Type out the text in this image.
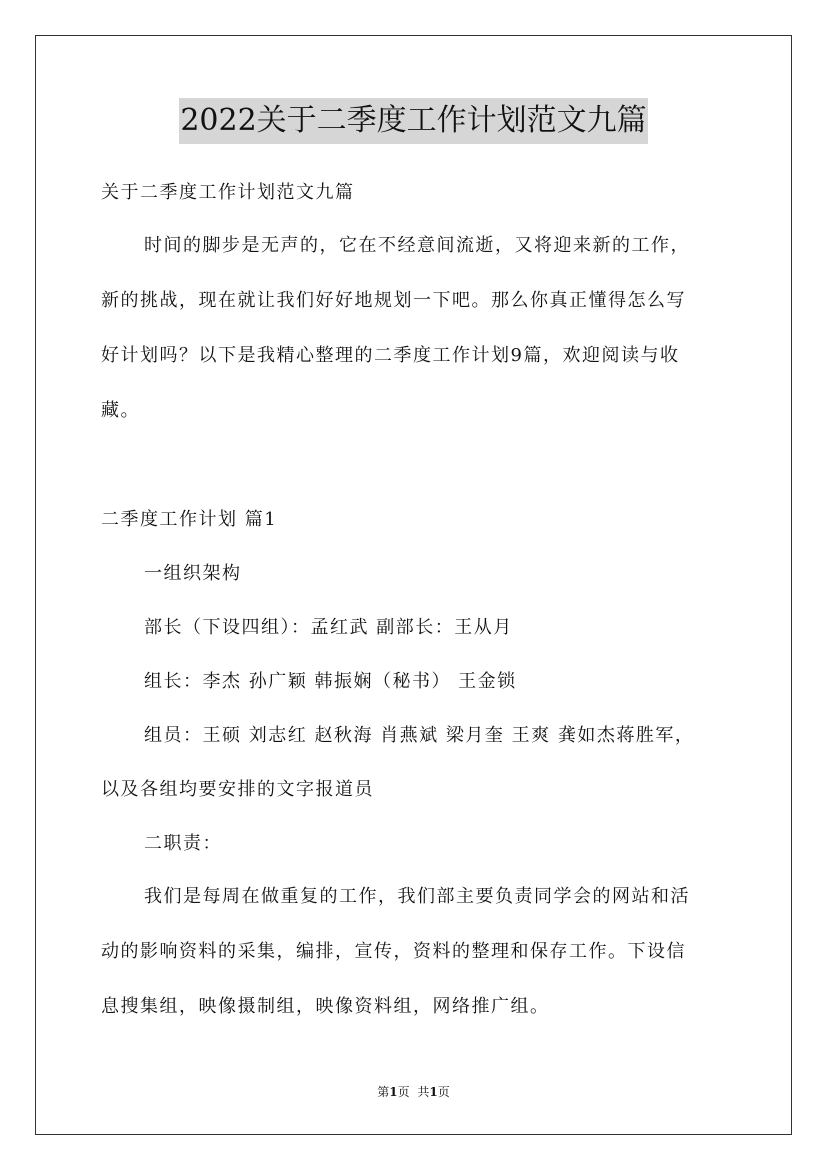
2022关于二季度工作计划范文九篇
关于二季度工作计划范文九篇
时间的脚步是无声的，它在不经意间流逝，又将迎来新的工作，
新的挑战，现在就让我们好好地规划一下吧。那么你真正懂得怎么写
好计划吗？以下是我精心整理的二季度工作计划9篇，欢迎阅读与收
藏。
二季度工作计划 篇1
一组织架构
部长（下设四组）：孟红武 副部长：王从月
组长：李杰 孙广颖 韩振娴（秘书） 王金锁
组员：王硕 刘志红 赵秋海 肖燕斌 梁月奎 王爽 龚如杰蒋胜军，
以及各组均要安排的文字报道员
二职责：
我们是每周在做重复的工作，我们部主要负责同学会的网站和活
动的影响资料的采集，编排，宣传，资料的整理和保存工作。下设信
息搜集组，映像摄制组，映像资料组，网络推广组。
第1页 共1页
